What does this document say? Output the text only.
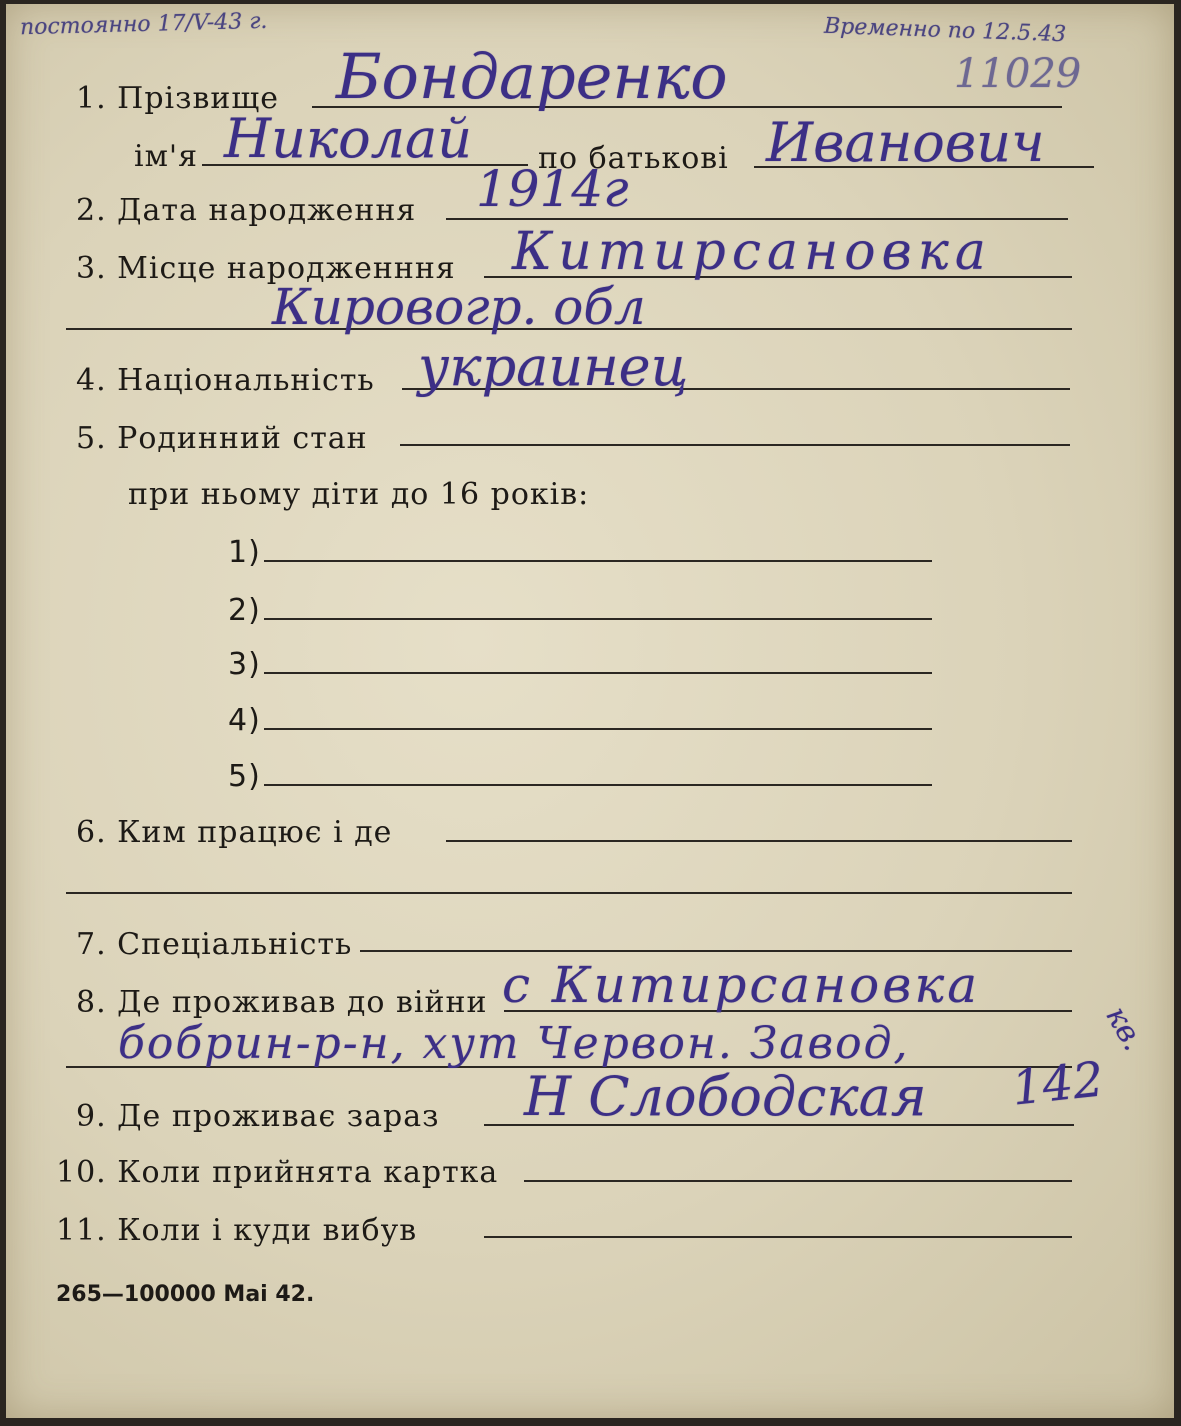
постоянно 17/V-43 г.	Временно по 12.5.43
11029
1. Прізвище Бондаренко
ім'я Николай по батькові Иванович
2. Дата народження 1914г
3. Місце народженння Китирсановка
Кировогр. обл
4. Національність украинец
5. Родинний стан
при ньому діти до 16 років:
1)
2)
3)
4)
5)
6. Ким працює і де
7. Спеціальність
8. Де проживав до війни с Китирсановка
бобрин-р-н, хут Червон. Завод,	кв.
9. Де проживає зараз Н Слободская 142
10. Коли прийнята картка
11. Коли і куди вибув
265—100000 Mai 42.
